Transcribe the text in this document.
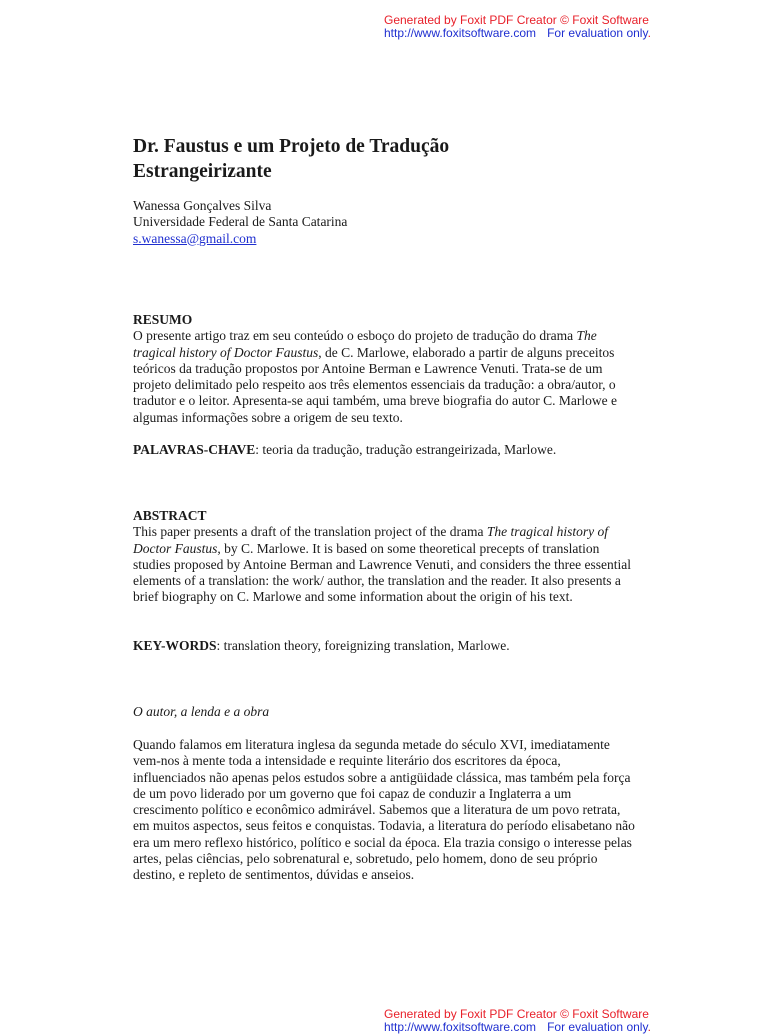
Generated by Foxit PDF Creator © Foxit Software
http://www.foxitsoftware.com For evaluation only.
Dr. Faustus e um Projeto de Tradução
Estrangeirizante
Wanessa Gonçalves Silva
Universidade Federal de Santa Catarina
s.wanessa@gmail.com
RESUMO

O presente artigo traz em seu conteúdo o esboço do projeto de tradução do drama The tragical history of Doctor Faustus, de C. Marlowe, elaborado a partir de alguns preceitos teóricos da tradução propostos por Antoine Berman e Lawrence Venuti. Trata-se de um projeto delimitado pelo respeito aos três elementos essenciais da tradução: a obra/autor, o tradutor e o leitor. Apresenta-se aqui também, uma breve biografia do autor C. Marlowe e algumas informações sobre a origem de seu texto.

PALAVRAS-CHAVE: teoria da tradução, tradução estrangeirizada, Marlowe.
ABSTRACT

This paper presents a draft of the translation project of the drama The tragical history of Doctor Faustus, by C. Marlowe. It is based on some theoretical precepts of translation studies proposed by Antoine Berman and Lawrence Venuti, and considers the three essential elements of a translation: the work/ author, the translation and the reader. It also presents a brief biography on C. Marlowe and some information about the origin of his text.

KEY-WORDS: translation theory, foreignizing translation, Marlowe.
O autor, a lenda e a obra

Quando falamos em literatura inglesa da segunda metade do século XVI, imediatamente vem-nos à mente toda a intensidade e requinte literário dos escritores da época, influenciados não apenas pelos estudos sobre a antigüidade clássica, mas também pela força de um povo liderado por um governo que foi capaz de conduzir a Inglaterra a um crescimento político e econômico admirável. Sabemos que a literatura de um povo retrata, em muitos aspectos, seus feitos e conquistas. Todavia, a literatura do período elisabetano não era um mero reflexo histórico, político e social da época. Ela trazia consigo o interesse pelas artes, pelas ciências, pelo sobrenatural e, sobretudo, pelo homem, dono de seu próprio destino, e repleto de sentimentos, dúvidas e anseios.

Generated by Foxit PDF Creator © Foxit Software
http://www.foxitsoftware.com For evaluation only.
